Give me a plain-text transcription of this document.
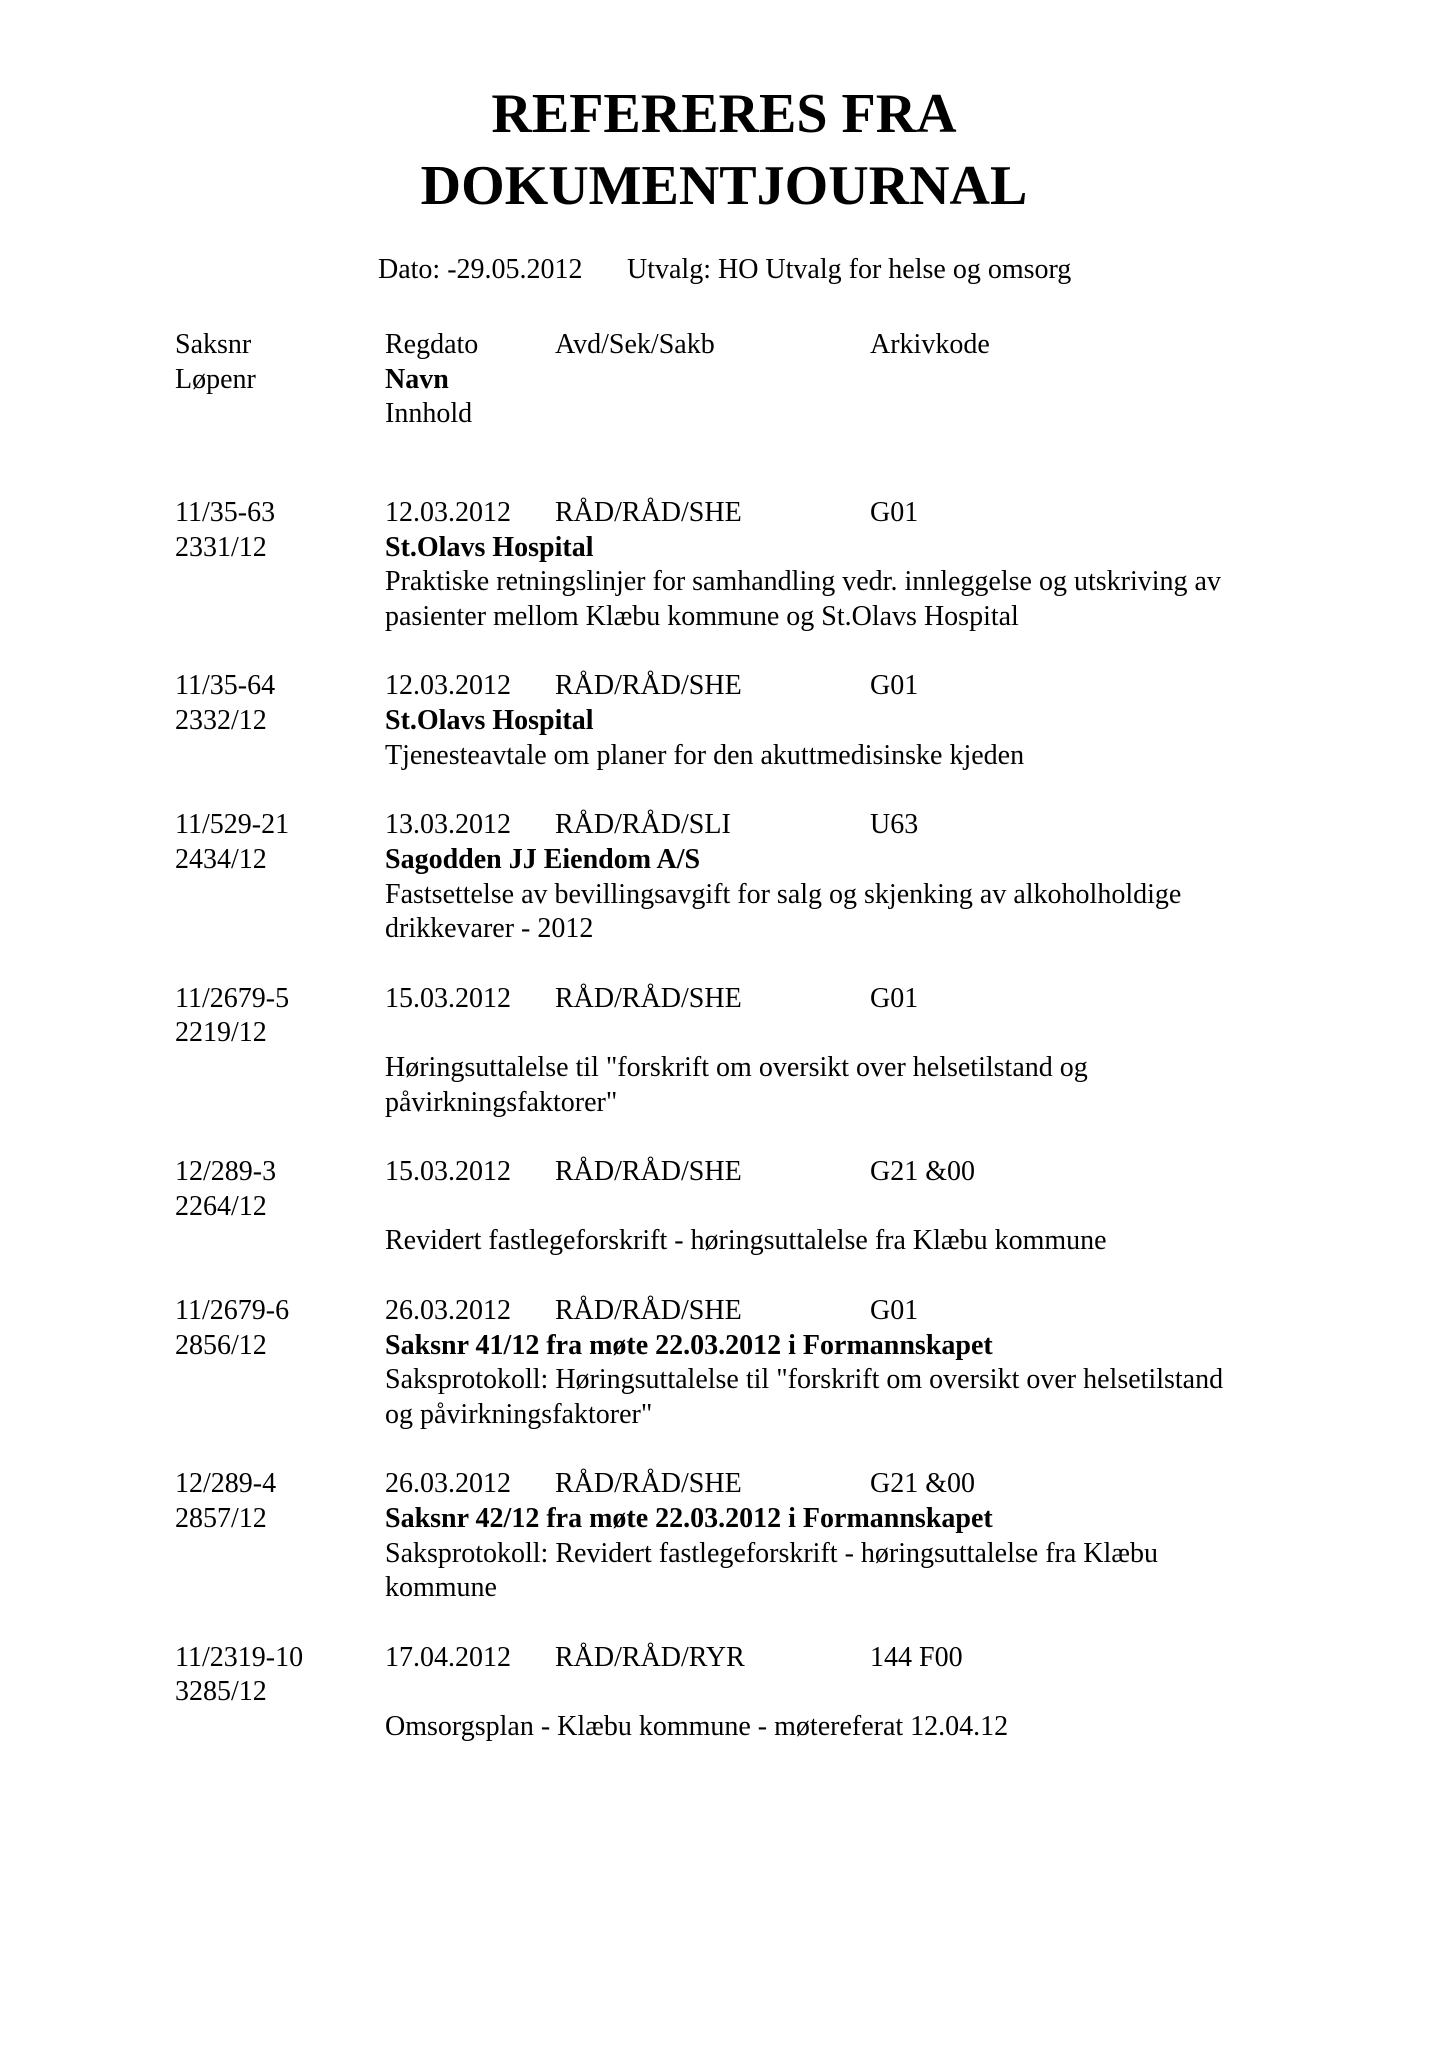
REFERERES FRA
DOKUMENTJOURNAL
Dato: -29.05.2012 Utvalg: HO Utvalg for helse og omsorg
Saksnr	Regdato	Avd/Sek/Sakb	Arkivkode
Løpenr	Navn
Innhold
11/35-63	12.03.2012 RÅD/RÅD/SHE	G01
2331/12	St.Olavs Hospital
Praktiske retningslinjer for samhandling vedr. innleggelse og utskriving av
pasienter mellom Klæbu kommune og St.Olavs Hospital
11/35-64	12.03.2012 RÅD/RÅD/SHE	G01
2332/12	St.Olavs Hospital
Tjenesteavtale om planer for den akuttmedisinske kjeden
11/529-21	13.03.2012 RÅD/RÅD/SLI	U63
2434/12	Sagodden JJ Eiendom A/S
Fastsettelse av bevillingsavgift for salg og skjenking av alkoholholdige
drikkevarer - 2012
11/2679-5	15.03.2012 RÅD/RÅD/SHE	G01
2219/12
Høringsuttalelse til "forskrift om oversikt over helsetilstand og
påvirkningsfaktorer"
12/289-3	15.03.2012 RÅD/RÅD/SHE	G21 &00
2264/12
Revidert fastlegeforskrift - høringsuttalelse fra Klæbu kommune
11/2679-6	26.03.2012 RÅD/RÅD/SHE	G01
2856/12	Saksnr 41/12 fra møte 22.03.2012 i Formannskapet
Saksprotokoll: Høringsuttalelse til "forskrift om oversikt over helsetilstand
og påvirkningsfaktorer"
12/289-4	26.03.2012 RÅD/RÅD/SHE	G21 &00
2857/12	Saksnr 42/12 fra møte 22.03.2012 i Formannskapet
Saksprotokoll: Revidert fastlegeforskrift - høringsuttalelse fra Klæbu
kommune
11/2319-10	17.04.2012 RÅD/RÅD/RYR	144 F00
3285/12
Omsorgsplan - Klæbu kommune - møtereferat 12.04.12
